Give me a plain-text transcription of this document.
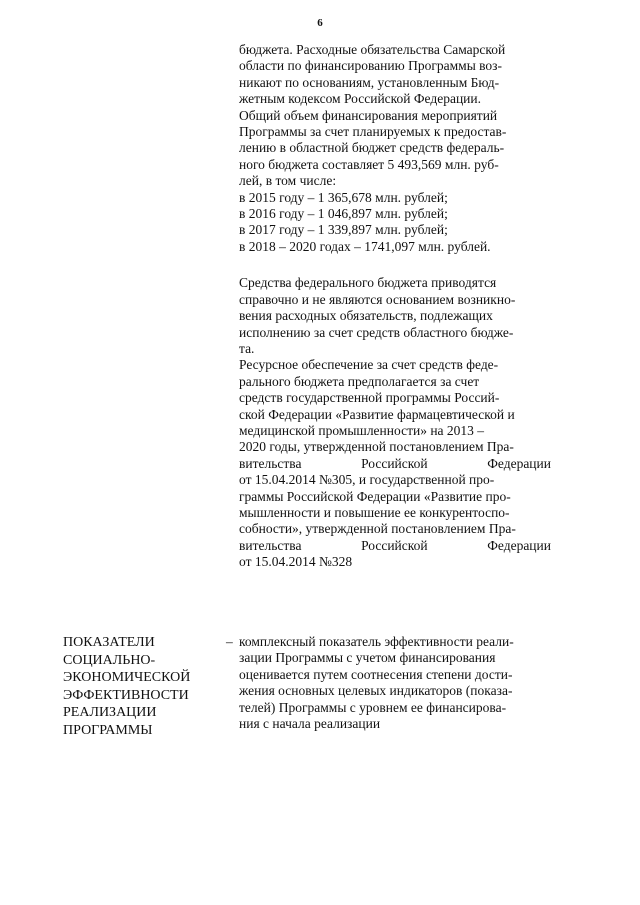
6

бюджета. Расходные обязательства Самарской

области по финансированию Программы воз-

никают по основаниям, установленным Бюд-

жетным кодексом Российской Федерации.

Общий объем финансирования мероприятий

Программы за счет планируемых к предостав-

лению в областной бюджет средств федераль-

ного бюджета составляет 5 493,569 млн. руб-

лей, в том числе:

в 2015 году – 1 365,678 млн. рублей;

в 2016 году – 1 046,897 млн. рублей;

в 2017 году – 1 339,897 млн. рублей;

в 2018 – 2020 годах – 1741,097 млн. рублей.

Средства федерального бюджета приводятся

справочно и не являются основанием возникно-

вения расходных обязательств, подлежащих

исполнению за счет средств областного бюдже-

та.

Ресурсное обеспечение за счет средств феде-

рального бюджета предполагается за счет

средств государственной программы Россий-

ской Федерации «Развитие фармацевтической и

медицинской промышленности» на 2013 –

2020 годы, утвержденной постановлением Пра-

вительства Российской Федерации

от 15.04.2014 №305, и государственной про-

граммы Российской Федерации «Развитие про-

мышленности и повышение ее конкурентоспо-

собности», утвержденной постановлением Пра-

вительства Российской Федерации

от 15.04.2014 №328

ПОКАЗАТЕЛИ
СОЦИАЛЬНО-
ЭКОНОМИЧЕСКОЙ
ЭФФЕКТИВНОСТИ
РЕАЛИЗАЦИИ
ПРОГРАММЫ
– комплексный показатель эффективности реали-

зации Программы с учетом финансирования

оценивается путем соотнесения степени дости-

жения основных целевых индикаторов (показа-

телей) Программы с уровнем ее финансирова-

ния с начала реализации
